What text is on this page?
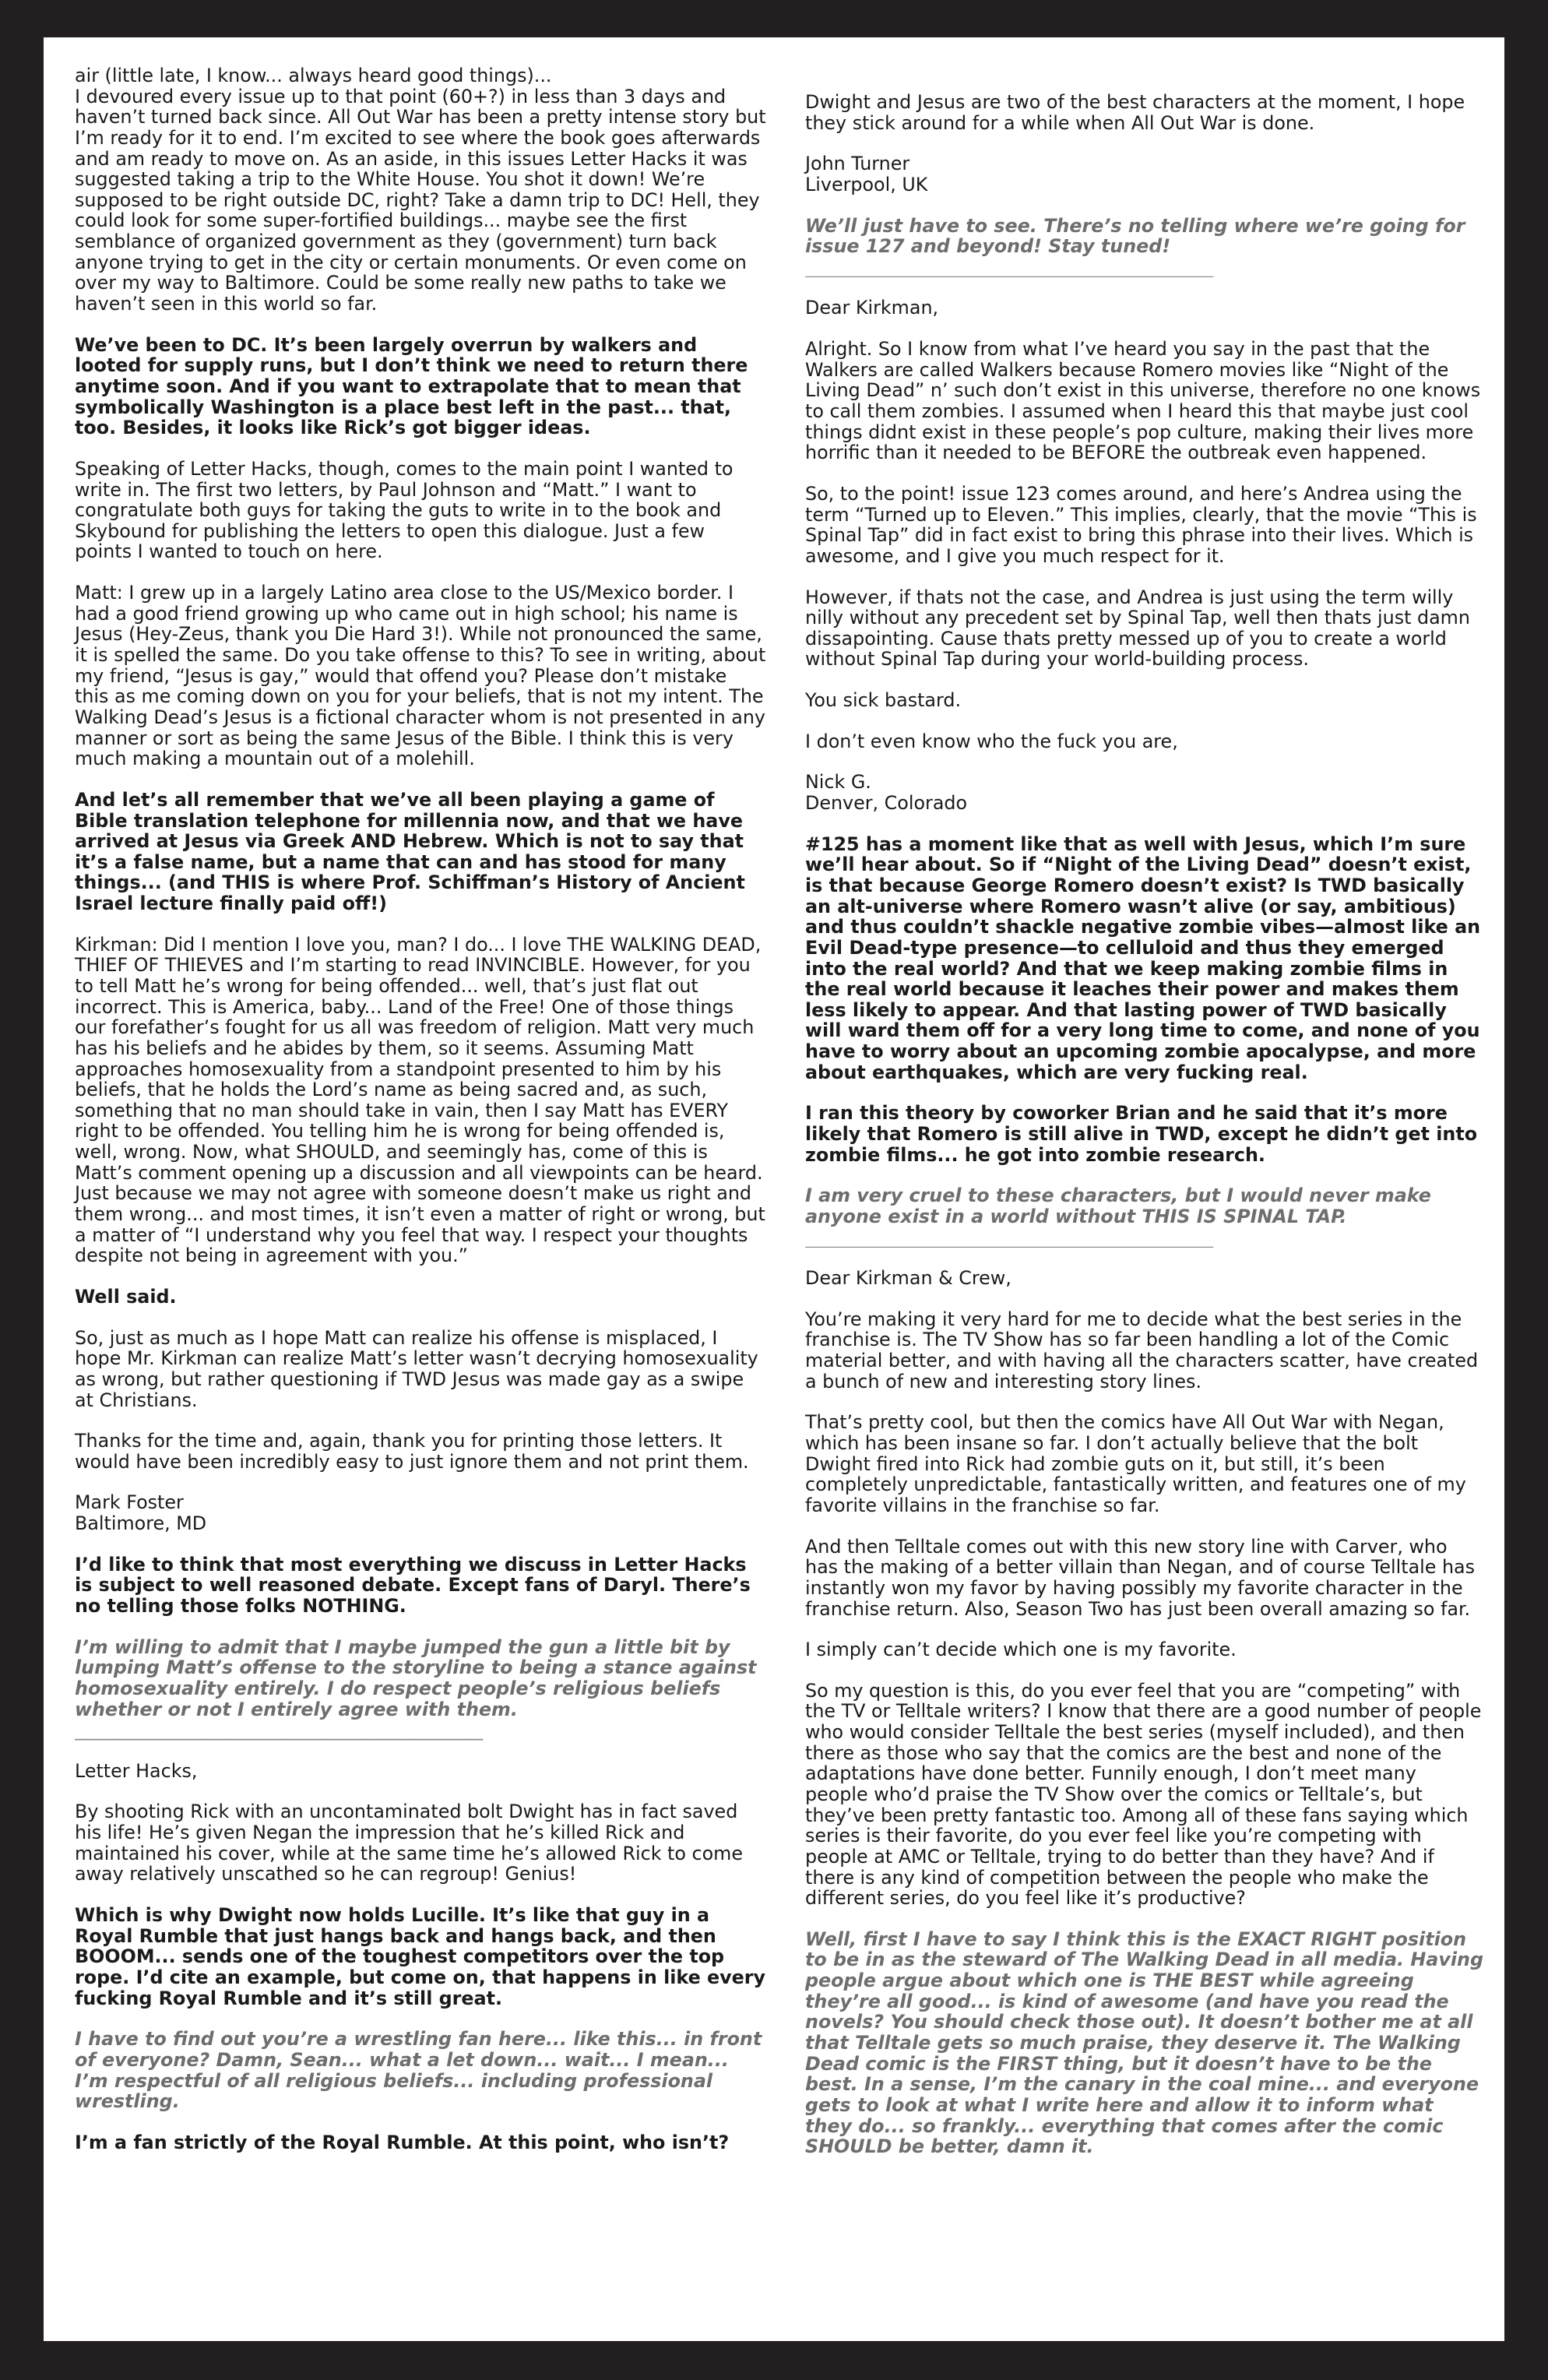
air (little late, I know... always heard good things)...
I devoured every issue up to that point (60+?) in less than 3 days and haven’t turned back since. All Out War has been a pretty intense story but I’m ready for it to end. I’m excited to see where the book goes afterwards and am ready to move on. As an aside, in this issues Letter Hacks it was suggested taking a trip to the White House. You shot it down! We’re supposed to be right outside DC, right? Take a damn trip to DC! Hell, they could look for some super-fortified buildings... maybe see the first semblance of organized government as they (government) turn back anyone trying to get in the city or certain monuments. Or even come on over my way to Baltimore. Could be some really new paths to take we haven’t seen in this world so far.

We’ve been to DC. It’s been largely overrun by walkers and looted for supply runs, but I don’t think we need to return there anytime soon. And if you want to extrapolate that to mean that symbolically Washington is a place best left in the past... that, too. Besides, it looks like Rick’s got bigger ideas.

Speaking of Letter Hacks, though, comes to the main point I wanted to write in. The first two letters, by Paul Johnson and “Matt.” I want to congratulate both guys for taking the guts to write in to the book and Skybound for publishing the letters to open this dialogue. Just a few points I wanted to touch on here.

Matt: I grew up in a largely Latino area close to the US/Mexico border. I had a good friend growing up who came out in high school; his name is Jesus (Hey-Zeus, thank you Die Hard 3!). While not pronounced the same, it is spelled the same. Do you take offense to this? To see in writing, about my friend, “Jesus is gay,” would that offend you? Please don’t mistake this as me coming down on you for your beliefs, that is not my intent. The Walking Dead’s Jesus is a fictional character whom is not presented in any manner or sort as being the same Jesus of the Bible. I think this is very much making a mountain out of a molehill.

And let’s all remember that we’ve all been playing a game of Bible translation telephone for millennia now, and that we have arrived at Jesus via Greek AND Hebrew. Which is not to say that it’s a false name, but a name that can and has stood for many things... (and THIS is where Prof. Schiffman’s History of Ancient Israel lecture finally paid off!)

Kirkman: Did I mention I love you, man? I do... I love THE WALKING DEAD, THIEF OF THIEVES and I’m starting to read INVINCIBLE. However, for you to tell Matt he’s wrong for being offended... well, that’s just flat out incorrect. This is America, baby... Land of the Free! One of those things our forefather’s fought for us all was freedom of religion. Matt very much has his beliefs and he abides by them, so it seems. Assuming Matt approaches homosexuality from a standpoint presented to him by his beliefs, that he holds the Lord’s name as being sacred and, as such, something that no man should take in vain, then I say Matt has EVERY right to be offended. You telling him he is wrong for being offended is, well, wrong. Now, what SHOULD, and seemingly has, come of this is Matt’s comment opening up a discussion and all viewpoints can be heard. Just because we may not agree with someone doesn’t make us right and them wrong... and most times, it isn’t even a matter of right or wrong, but a matter of “I understand why you feel that way. I respect your thoughts despite not being in agreement with you.”

Well said.

So, just as much as I hope Matt can realize his offense is misplaced, I hope Mr. Kirkman can realize Matt’s letter wasn’t decrying homosexuality as wrong, but rather questioning if TWD Jesus was made gay as a swipe at Christians.

Thanks for the time and, again, thank you for printing those letters. It would have been incredibly easy to just ignore them and not print them.

Mark Foster
Baltimore, MD

I’d like to think that most everything we discuss in Letter Hacks is subject to well reasoned debate. Except fans of Daryl. There’s no telling those folks NOTHING.

I’m willing to admit that I maybe jumped the gun a little bit by lumping Matt’s offense to the storyline to being a stance against homosexuality entirely. I do respect people’s religious beliefs whether or not I entirely agree with them.

________________________________________________

Letter Hacks,

By shooting Rick with an uncontaminated bolt Dwight has in fact saved his life! He’s given Negan the impression that he’s killed Rick and maintained his cover, while at the same time he’s allowed Rick to come away relatively unscathed so he can regroup! Genius!

Which is why Dwight now holds Lucille. It’s like that guy in a Royal Rumble that just hangs back and hangs back, and then BOOOM... sends one of the toughest competitors over the top rope. I’d cite an example, but come on, that happens in like every fucking Royal Rumble and it’s still great.

I have to find out you’re a wrestling fan here... like this... in front of everyone? Damn, Sean... what a let down... wait... I mean... I’m respectful of all religious beliefs... including professional wrestling.

I’m a fan strictly of the Royal Rumble. At this point, who isn’t?

Dwight and Jesus are two of the best characters at the moment, I hope they stick around for a while when All Out War is done.

John Turner
Liverpool, UK

We’ll just have to see. There’s no telling where we’re going for issue 127 and beyond! Stay tuned!

________________________________________________

Dear Kirkman,

Alright. So I know from what I’ve heard you say in the past that the Walkers are called Walkers because Romero movies like “Night of the Living Dead” n’ such don’t exist in this universe, therefore no one knows to call them zombies. I assumed when I heard this that maybe just cool things didnt exist in these people’s pop culture, making their lives more horrific than it needed to be BEFORE the outbreak even happened.

So, to the point! issue 123 comes around, and here’s Andrea using the term “Turned up to Eleven.” This implies, clearly, that the movie “This is Spinal Tap” did in fact exist to bring this phrase into their lives. Which is awesome, and I give you much respect for it.

However, if thats not the case, and Andrea is just using the term willy nilly without any precedent set by Spinal Tap, well then thats just damn dissapointing. Cause thats pretty messed up of you to create a world without Spinal Tap during your world-building process.

You sick bastard.

I don’t even know who the fuck you are,

Nick G.
Denver, Colorado

#125 has a moment like that as well with Jesus, which I’m sure we’ll hear about. So if “Night of the Living Dead” doesn’t exist, is that because George Romero doesn’t exist? Is TWD basically an alt-universe where Romero wasn’t alive (or say, ambitious) and thus couldn’t shackle negative zombie vibes—almost like an Evil Dead-type presence—to celluloid and thus they emerged into the real world? And that we keep making zombie films in the real world because it leaches their power and makes them less likely to appear. And that lasting power of TWD basically will ward them off for a very long time to come, and none of you have to worry about an upcoming zombie apocalypse, and more about earthquakes, which are very fucking real.

I ran this theory by coworker Brian and he said that it’s more likely that Romero is still alive in TWD, except he didn’t get into zombie films... he got into zombie research.

I am very cruel to these characters, but I would never make anyone exist in a world without THIS IS SPINAL TAP.

________________________________________________

Dear Kirkman & Crew,

You’re making it very hard for me to decide what the best series in the franchise is. The TV Show has so far been handling a lot of the Comic material better, and with having all the characters scatter, have created a bunch of new and interesting story lines.

That’s pretty cool, but then the comics have All Out War with Negan, which has been insane so far. I don’t actually believe that the bolt Dwight fired into Rick had zombie guts on it, but still, it’s been completely unpredictable, fantastically written, and features one of my favorite villains in the franchise so far.

And then Telltale comes out with this new story line with Carver, who has the making of a better villain than Negan, and of course Telltale has instantly won my favor by having possibly my favorite character in the franchise return. Also, Season Two has just been overall amazing so far.

I simply can’t decide which one is my favorite.

So my question is this, do you ever feel that you are “competing” with the TV or Telltale writers? I know that there are a good number of people who would consider Telltale the best series (myself included), and then there as those who say that the comics are the best and none of the adaptations have done better. Funnily enough, I don’t meet many people who’d praise the TV Show over the comics or Telltale’s, but they’ve been pretty fantastic too. Among all of these fans saying which series is their favorite, do you ever feel like you’re competing with people at AMC or Telltale, trying to do better than they have? And if there is any kind of competition between the people who make the different series, do you feel like it’s productive?

Well, first I have to say I think this is the EXACT RIGHT position to be in as the steward of The Walking Dead in all media. Having people argue about which one is THE BEST while agreeing they’re all good... is kind of awesome (and have you read the novels? You should check those out). It doesn’t bother me at all that Telltale gets so much praise, they deserve it. The Walking Dead comic is the FIRST thing, but it doesn’t have to be the best. In a sense, I’m the canary in the coal mine... and everyone gets to look at what I write here and allow it to inform what they do... so frankly... everything that comes after the comic SHOULD be better, damn it.
